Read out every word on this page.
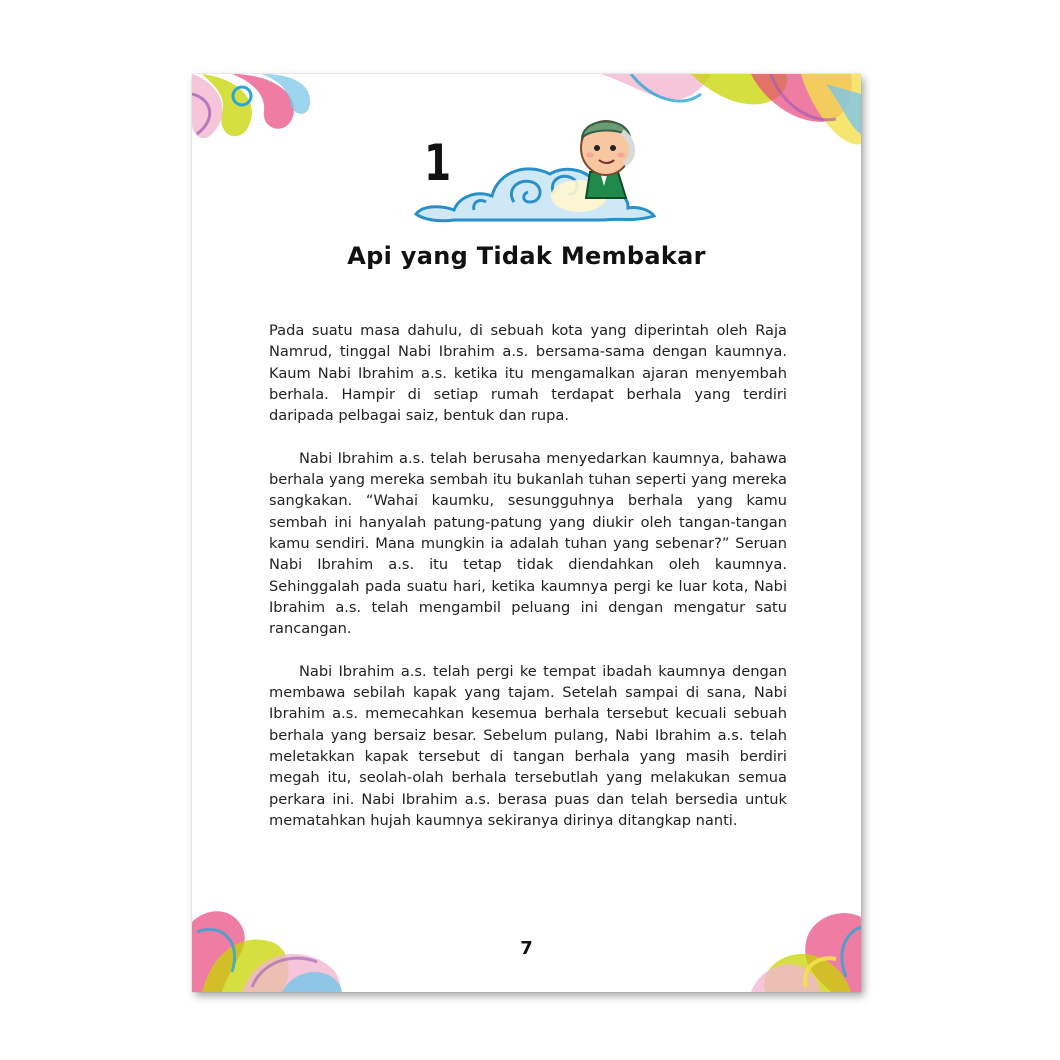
1
Api yang Tidak Membakar

Pada suatu masa dahulu, di sebuah kota yang diperintah oleh Raja Namrud, tinggal Nabi Ibrahim a.s. bersama-sama dengan kaumnya. Kaum Nabi Ibrahim a.s. ketika itu mengamalkan ajaran menyembah berhala. Hampir di setiap rumah terdapat berhala yang terdiri daripada pelbagai saiz, bentuk dan rupa.

Nabi Ibrahim a.s. telah berusaha menyedarkan kaumnya, bahawa berhala yang mereka sembah itu bukanlah tuhan seperti yang mereka sangkakan. “Wahai kaumku, sesungguhnya berhala yang kamu sembah ini hanyalah patung-patung yang diukir oleh tangan-tangan kamu sendiri. Mana mungkin ia adalah tuhan yang sebenar?” Seruan Nabi Ibrahim a.s. itu tetap tidak diendahkan oleh kaumnya. Sehinggalah pada suatu hari, ketika kaumnya pergi ke luar kota, Nabi Ibrahim a.s. telah mengambil peluang ini dengan mengatur satu rancangan.

Nabi Ibrahim a.s. telah pergi ke tempat ibadah kaumnya dengan membawa sebilah kapak yang tajam. Setelah sampai di sana, Nabi Ibrahim a.s. memecahkan kesemua berhala tersebut kecuali sebuah berhala yang bersaiz besar. Sebelum pulang, Nabi Ibrahim a.s. telah meletakkan kapak tersebut di tangan berhala yang masih berdiri megah itu, seolah-olah berhala tersebutlah yang melakukan semua perkara ini. Nabi Ibrahim a.s. berasa puas dan telah bersedia untuk mematahkan hujah kaumnya sekiranya dirinya ditangkap nanti.

7
